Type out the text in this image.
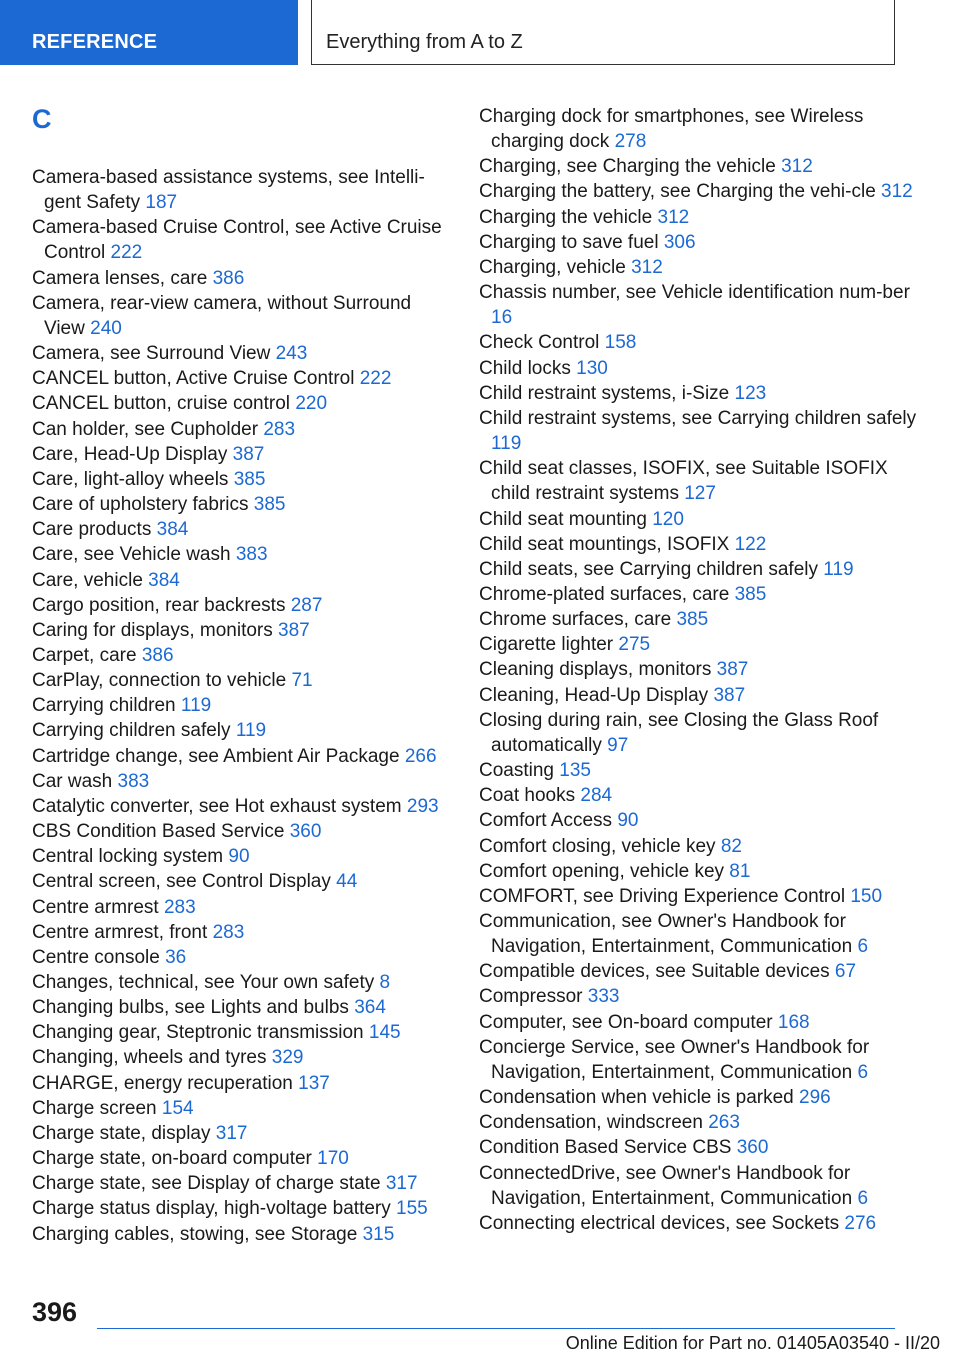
REFERENCE	Everything from A to Z
C
Camera-based assistance systems, see Intelli-gent Safety 187
Camera-based Cruise Control, see Active Cruise Control 222
Camera lenses, care 386
Camera, rear-view camera, without Surround View 240
Camera, see Surround View 243
CANCEL button, Active Cruise Control 222
CANCEL button, cruise control 220
Can holder, see Cupholder 283
Care, Head-Up Display 387
Care, light-alloy wheels 385
Care of upholstery fabrics 385
Care products 384
Care, see Vehicle wash 383
Care, vehicle 384
Cargo position, rear backrests 287
Caring for displays, monitors 387
Carpet, care 386
CarPlay, connection to vehicle 71
Carrying children 119
Carrying children safely 119
Cartridge change, see Ambient Air Package 266
Car wash 383
Catalytic converter, see Hot exhaust system 293
CBS Condition Based Service 360
Central locking system 90
Central screen, see Control Display 44
Centre armrest 283
Centre armrest, front 283
Centre console 36
Changes, technical, see Your own safety 8
Changing bulbs, see Lights and bulbs 364
Changing gear, Steptronic transmission 145
Changing, wheels and tyres 329
CHARGE, energy recuperation 137
Charge screen 154
Charge state, display 317
Charge state, on-board computer 170
Charge state, see Display of charge state 317
Charge status display, high-voltage battery 155
Charging cables, stowing, see Storage 315
Charging dock for smartphones, see Wireless charging dock 278
Charging, see Charging the vehicle 312
Charging the battery, see Charging the vehi-cle 312
Charging the vehicle 312
Charging to save fuel 306
Charging, vehicle 312
Chassis number, see Vehicle identification num-ber 16
Check Control 158
Child locks 130
Child restraint systems, i-Size 123
Child restraint systems, see Carrying children safely 119
Child seat classes, ISOFIX, see Suitable ISOFIX child restraint systems 127
Child seat mounting 120
Child seat mountings, ISOFIX 122
Child seats, see Carrying children safely 119
Chrome-plated surfaces, care 385
Chrome surfaces, care 385
Cigarette lighter 275
Cleaning displays, monitors 387
Cleaning, Head-Up Display 387
Closing during rain, see Closing the Glass Roof automatically 97
Coasting 135
Coat hooks 284
Comfort Access 90
Comfort closing, vehicle key 82
Comfort opening, vehicle key 81
COMFORT, see Driving Experience Control 150
Communication, see Owner's Handbook for Navigation, Entertainment, Communication 6
Compatible devices, see Suitable devices 67
Compressor 333
Computer, see On-board computer 168
Concierge Service, see Owner's Handbook for Navigation, Entertainment, Communication 6
Condensation when vehicle is parked 296
Condensation, windscreen 263
Condition Based Service CBS 360
ConnectedDrive, see Owner's Handbook for Navigation, Entertainment, Communication 6
Connecting electrical devices, see Sockets 276
396
Online Edition for Part no. 01405A03540 - II/20
